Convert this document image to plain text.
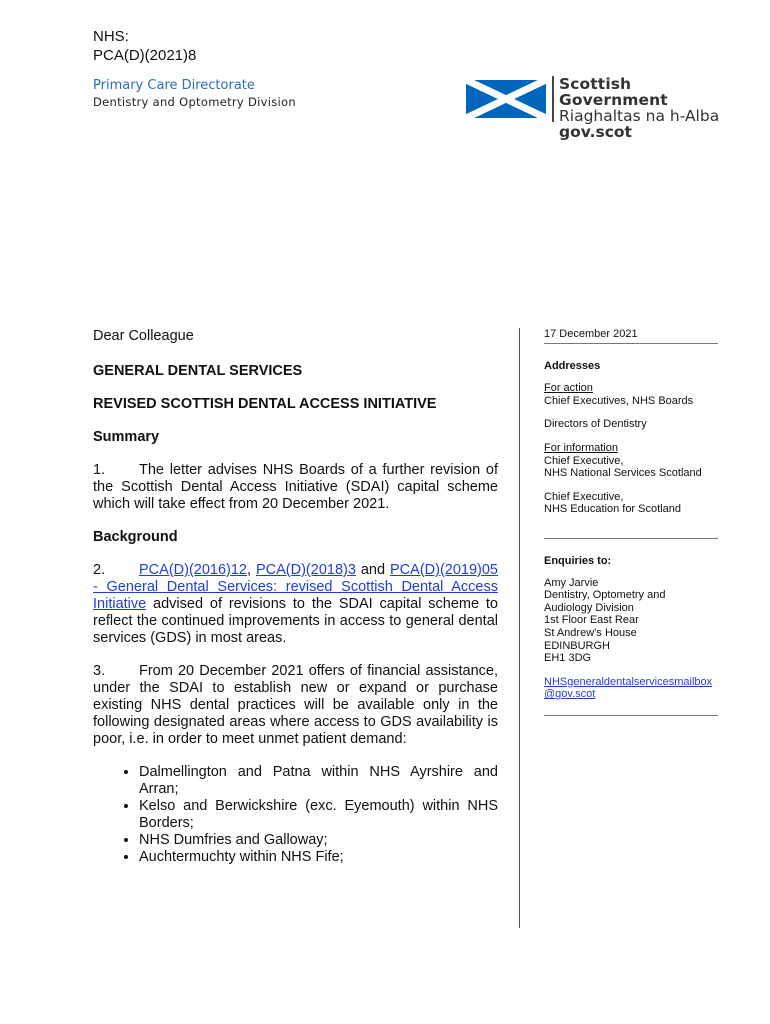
NHS:
PCA(D)(2021)8
Primary Care Directorate
Dentistry and Optometry Division
Scottish Government
Riaghaltas na h-Alba
gov.scot

Dear Colleague

GENERAL DENTAL SERVICES

REVISED SCOTTISH DENTAL ACCESS INITIATIVE

Summary

1. The letter advises NHS Boards of a further revision of the Scottish Dental Access Initiative (SDAI) capital scheme which will take effect from 20 December 2021.

Background

2. PCA(D)(2016)12, PCA(D)(2018)3 and PCA(D)(2019)05 - General Dental Services: revised Scottish Dental Access Initiative advised of revisions to the SDAI capital scheme to reflect the continued improvements in access to general dental services (GDS) in most areas.

3. From 20 December 2021 offers of financial assistance, under the SDAI to establish new or expand or purchase existing NHS dental practices will be available only in the following designated areas where access to GDS availability is poor, i.e. in order to meet unmet patient demand:

• Dalmellington and Patna within NHS Ayrshire and Arran;
• Kelso and Berwickshire (exc. Eyemouth) within NHS Borders;
• NHS Dumfries and Galloway;
• Auchtermuchty within NHS Fife;

17 December 2021

Addresses

For action

Chief Executives, NHS Boards

Directors of Dentistry

For information

Chief Executive,

NHS National Services Scotland

Chief Executive,

NHS Education for Scotland

Enquiries to:

Amy Jarvie

Dentistry, Optometry and

Audiology Division

1st Floor East Rear

St Andrew’s House

EDINBURGH

EH1 3DG

NHSgeneraldentalservicesmailbox
@gov.scot
